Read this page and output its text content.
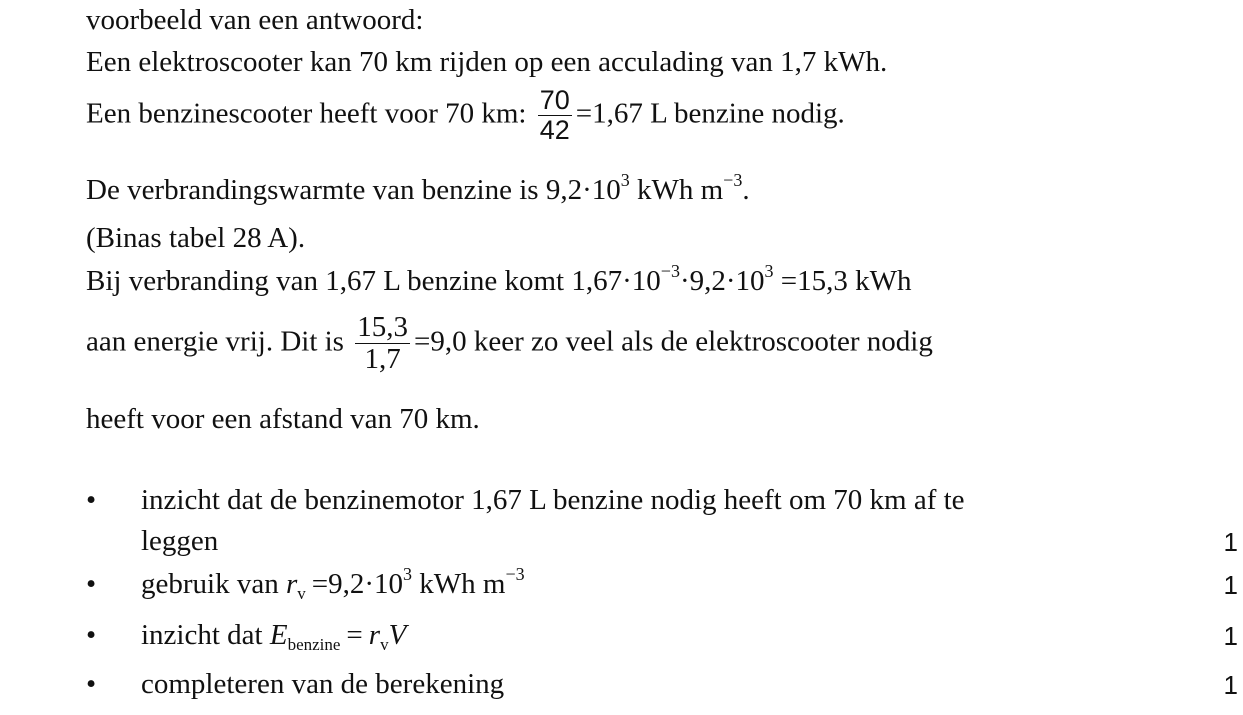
voorbeeld van een antwoord:
Een elektroscooter kan 70 km rijden op een acculading van 1,7 kWh.
Een benzinescooter heeft voor 70 km: $\frac{70}{42} =1,67$ L benzine nodig.
De verbrandingswarmte van benzine is $9,2\cdot 10^3$ kWh $m^{-3}$.
(Binas tabel 28 A).
Bij verbranding van 1,67 L benzine komt $1,67\cdot 10^{-3}\cdot 9,2\cdot 10^3 =15,3$ kWh
aan energie vrij. Dit is $\frac{15,3}{1,7} =9,0$ keer zo veel als de elektroscooter nodig
heeft voor een afstand van 70 km.
• inzicht dat de benzinemotor 1,67 L benzine nodig heeft om 70 km af te
leggen	1
• gebruik van $r_v =9,2\cdot 10^3$ kWh $m^{-3}$	1
• inzicht dat $E_{benzine} = r_vV$	1
• completeren van de berekening	1
